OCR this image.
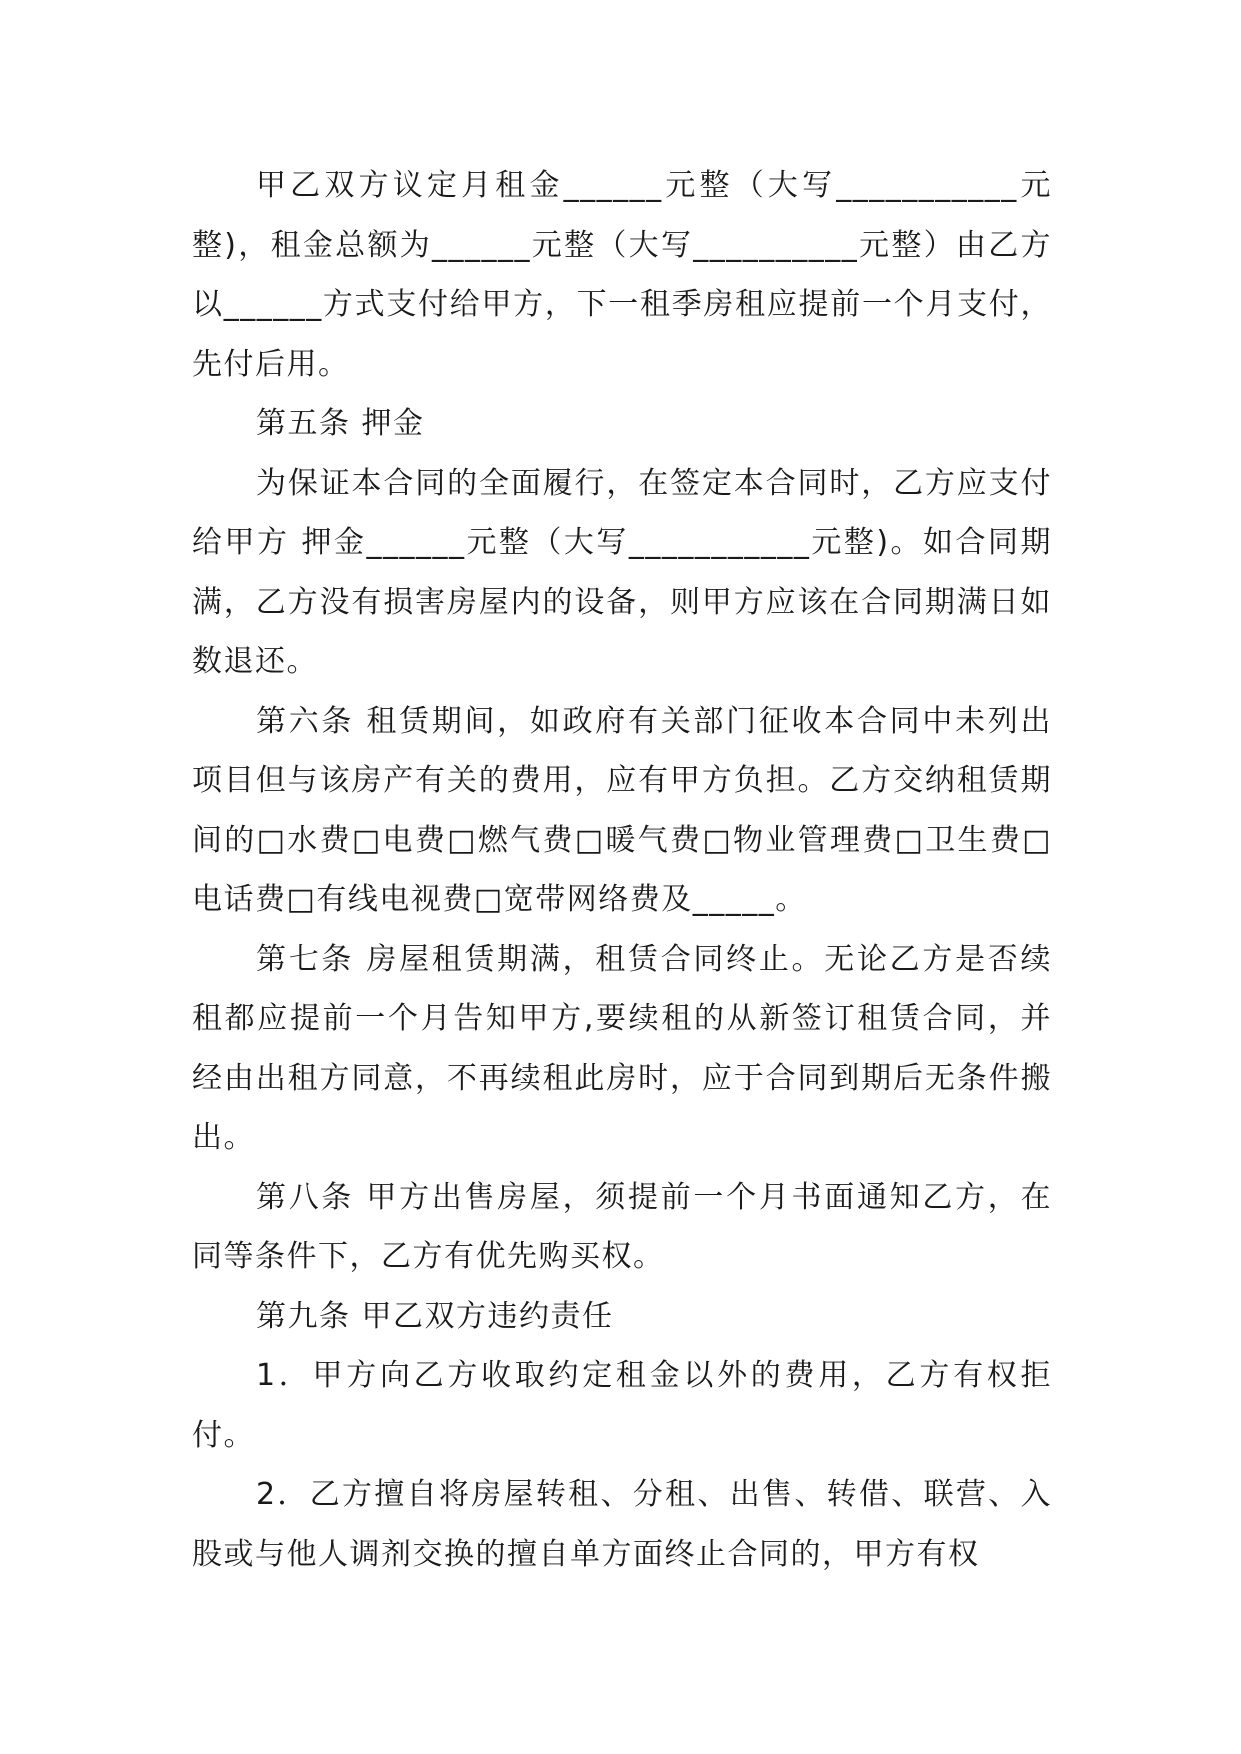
甲乙双方议定月租金______元整（大写___________元整)，租金总额为______元整（大写__________元整）由乙方以______方式支付给甲方，下一租季房租应提前一个月支付，先付后用。

第五条 押金

为保证本合同的全面履行，在签定本合同时，乙方应支付给甲方 押金______元整（大写___________元整)。如合同期满，乙方没有损害房屋内的设备，则甲方应该在合同期满日如数退还。

第六条 租赁期间，如政府有关部门征收本合同中未列出项目但与该房产有关的费用，应有甲方负担。乙方交纳租赁期间的□水费□电费□燃气费□暖气费□物业管理费□卫生费□电话费□有线电视费□宽带网络费及_____。

第七条 房屋租赁期满，租赁合同终止。无论乙方是否续租都应提前一个月告知甲方,要续租的从新签订租赁合同，并经由出租方同意，不再续租此房时，应于合同到期后无条件搬出。

第八条 甲方出售房屋，须提前一个月书面通知乙方，在同等条件下，乙方有优先购买权。

第九条 甲乙双方违约责任

1．甲方向乙方收取约定租金以外的费用，乙方有权拒付。

2．乙方擅自将房屋转租、分租、出售、转借、联营、入股或与他人调剂交换的擅自单方面终止合同的，甲方有权
